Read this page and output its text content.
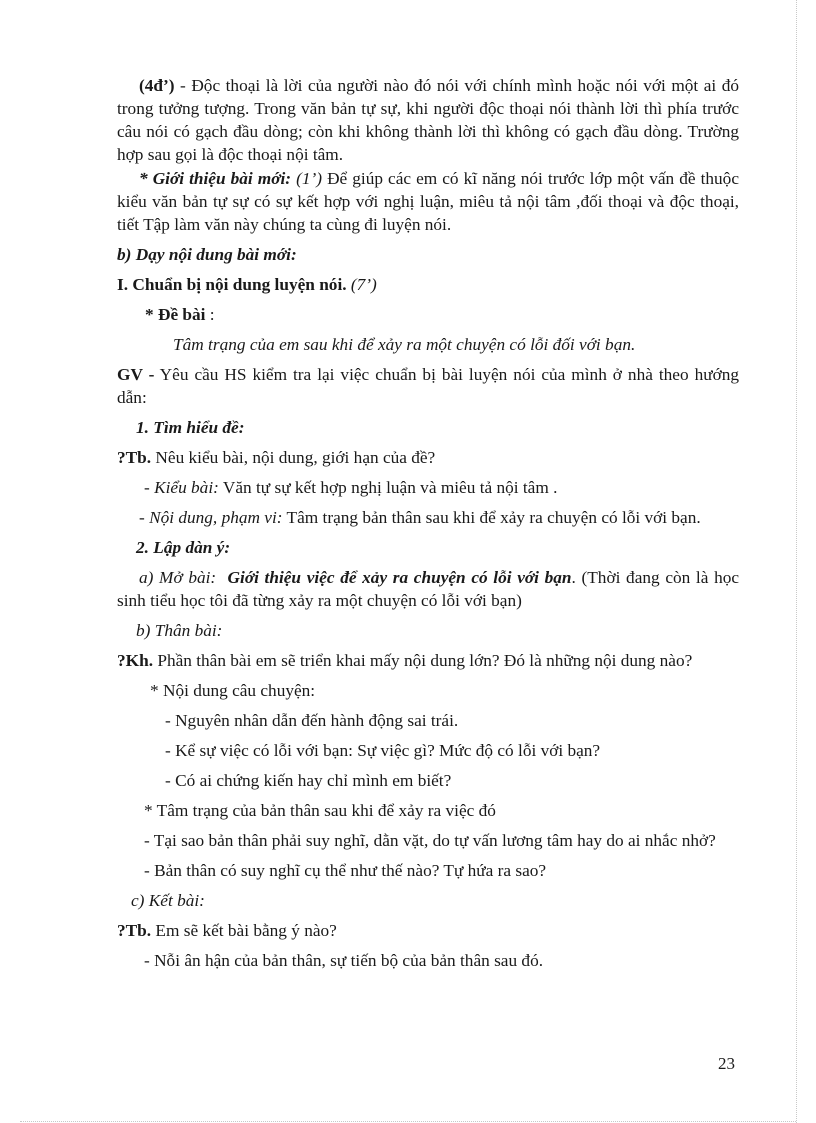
(4đ’) - Độc thoại là lời của người nào đó nói với chính mình hoặc nói với một ai đó trong tưởng tượng. Trong văn bản tự sự, khi người độc thoại nói thành lời thì phía trước câu nói có gạch đầu dòng; còn khi không thành lời thì không có gạch đầu dòng. Trường hợp sau gọi là độc thoại nội tâm.

* Giới thiệu bài mới: (1’) Để giúp các em có kĩ năng nói trước lớp một vấn đề thuộc kiểu văn bản tự sự có sự kết hợp với nghị luận, miêu tả nội tâm ,đối thoại và độc thoại, tiết Tập làm văn này chúng ta cùng đi luyện nói.

b) Dạy nội dung bài mới:

I. Chuẩn bị nội dung luyện nói. (7’)

* Đề bài :

Tâm trạng của em sau khi để xảy ra một chuyện có lỗi đối với bạn.

GV - Yêu cầu HS kiểm tra lại việc chuẩn bị bài luyện nói của mình ở nhà theo hướng dẫn:

1. Tìm hiểu đề:

?Tb. Nêu kiểu bài, nội dung, giới hạn của đề?

- Kiểu bài: Văn tự sự kết hợp nghị luận và miêu tả nội tâm .

- Nội dung, phạm vi: Tâm trạng bản thân sau khi để xảy ra chuyện có lỗi với bạn.

2. Lập dàn ý:

a) Mở bài: Giới thiệu việc để xảy ra chuyện có lỗi với bạn. (Thời đang còn là học sinh tiểu học tôi đã từng xảy ra một chuyện có lỗi với bạn)

b) Thân bài:

?Kh. Phần thân bài em sẽ triển khai mấy nội dung lớn? Đó là những nội dung nào?

* Nội dung câu chuyện:

- Nguyên nhân dẫn đến hành động sai trái.

- Kể sự việc có lỗi với bạn: Sự việc gì? Mức độ có lỗi với bạn?

- Có ai chứng kiến hay chỉ mình em biết?

* Tâm trạng của bản thân sau khi để xảy ra việc đó

- Tại sao bản thân phải suy nghĩ, dằn vặt, do tự vấn lương tâm hay do ai nhắc nhở?

- Bản thân có suy nghĩ cụ thể như thế nào? Tự hứa ra sao?

c) Kết bài:

?Tb. Em sẽ kết bài bằng ý nào?

- Nỗi ân hận của bản thân, sự tiến bộ của bản thân sau đó.

23
